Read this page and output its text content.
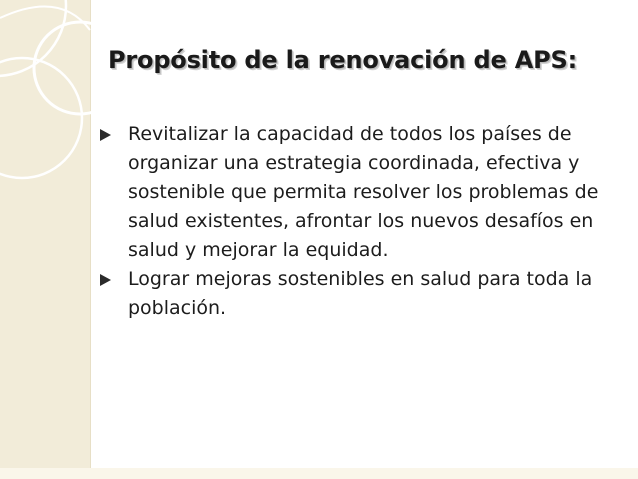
Propósito de la renovación de APS:
Revitalizar la capacidad de todos los países de organizar una estrategia coordinada, efectiva y sostenible que permita resolver los problemas de salud existentes, afrontar los nuevos desafíos en salud y mejorar la equidad.
Lograr mejoras sostenibles en salud para toda la población.
